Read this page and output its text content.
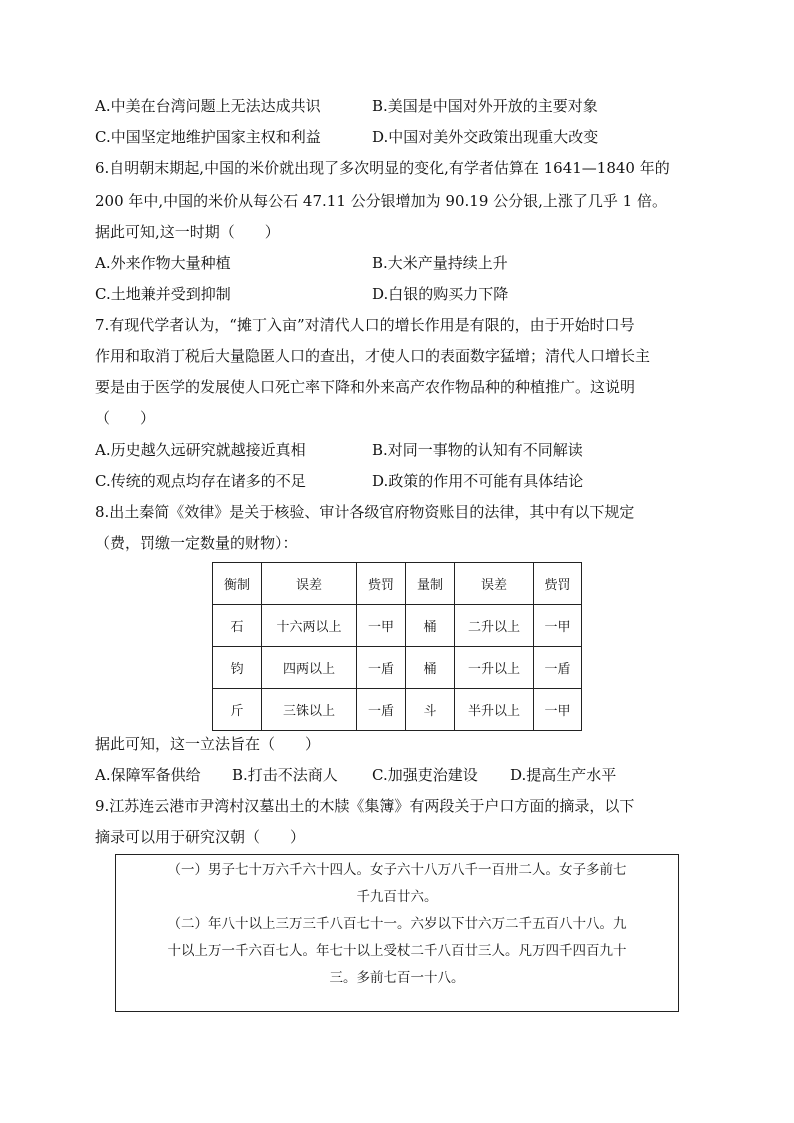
A.中美在台湾问题上无法达成共识	B.美国是中国对外开放的主要对象
C.中国坚定地维护国家主权和利益	D.中国对美外交政策出现重大改变
6.自明朝末期起,中国的米价就出现了多次明显的变化,有学者估算在 1641—1840 年的
200 年中,中国的米价从每公石 47.11 公分银增加为 90.19 公分银,上涨了几乎 1 倍。
据此可知,这一时期（　　）
A.外来作物大量种植	B.大米产量持续上升
C.土地兼并受到抑制	D.白银的购买力下降
7.有现代学者认为，“摊丁入亩”对清代人口的增长作用是有限的，由于开始时口号
作用和取消丁税后大量隐匿人口的查出，才使人口的表面数字猛增；清代人口增长主
要是由于医学的发展使人口死亡率下降和外来高产农作物品种的种植推广。这说明
（　　）
A.历史越久远研究就越接近真相	B.对同一事物的认知有不同解读
C.传统的观点均存在诸多的不足	D.政策的作用不可能有具体结论
8.出土秦简《效律》是关于核验、审计各级官府物资账目的法律，其中有以下规定
（费，罚缴一定数量的财物）：
衡制	误差	赀罚	量制	误差	赀罚
石	十六两以上	一甲	桶	二升以上	一甲
钧	四两以上	一盾	桶	一升以上	一盾
斤	三铢以上	一盾	斗	半升以上	一甲
据此可知，这一立法旨在（　　）
A.保障军备供给 B.打击不法商人 C.加强吏治建设 D.提高生产水平
9.江苏连云港市尹湾村汉墓出土的木牍《集簿》有两段关于户口方面的摘录，以下
摘录可以用于研究汉朝（　　）

（一）男子七十万六千六十四人。女子六十八万八千一百卅二人。女子多前七

千九百廿六。

（二）年八十以上三万三千八百七十一。六岁以下廿六万二千五百八十八。九

十以上万一千六百七人。年七十以上受杖二千八百廿三人。凡万四千四百九十

三。多前七百一十八。
